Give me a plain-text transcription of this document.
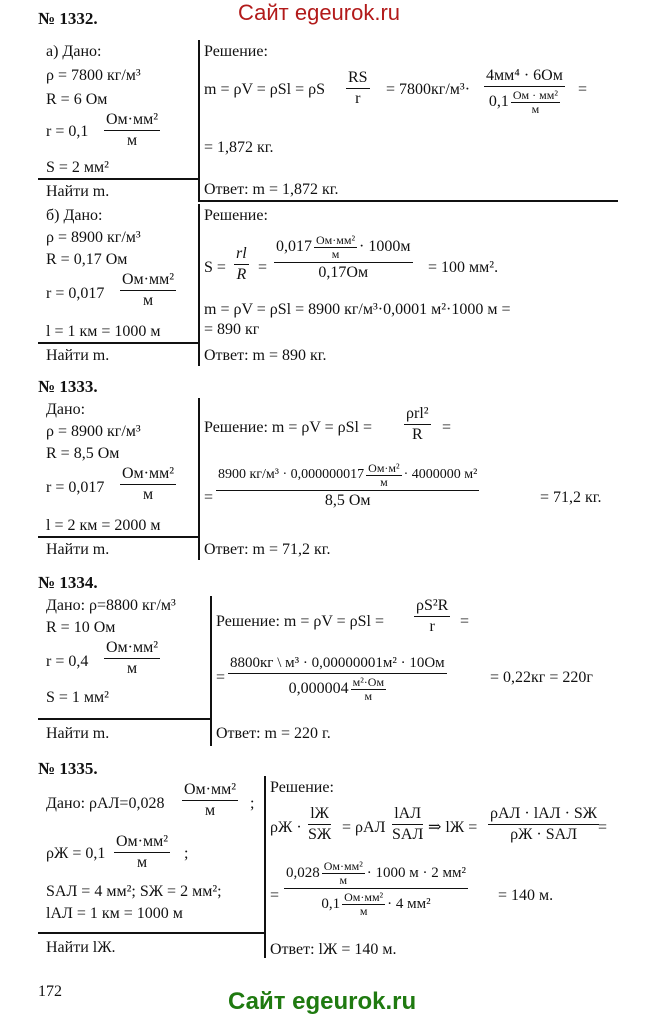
№ 1332.	Сайт egeurok.ru
а) Дано:
ρ = 7800 кг/м³
R = 6 Ом
r = 0,1
Ом·мм²
м
S = 2 мм²
Найти m.
Решение:
m = ρV = ρSl = ρS $\frac{RS}{r} = 7800кг/м^3\cdot$
4мм⁴ · 6Ом
0,1 Ом · мм²
м
=
= 1,872 кг.
Ответ: m = 1,872 кг.
б) Дано:
ρ = 8900 кг/м³
R = 0,17 Ом
r = 0,017
Ом·мм²
м
l = 1 км = 1000 м
Найти m.
Решение:
$S = \frac{rl}{R}$ =
0,017 Ом·мм²
м · 1000м
0,17Ом	= 100 мм².
m = ρV = ρSl = 8900 кг/м³·0,0001 м²·1000 м =
= 890 кг
Ответ: m = 890 кг.
№ 1333.
Дано:
ρ = 8900 кг/м³
R = 8,5 Ом
r = 0,017
Ом·мм²
м
l = 2 км = 2000 м
Найти m.
Решение: m = ρV = ρSl =
ρrl²
R =
=
8900 кг/м³ · 0,000000017 Ом·м²
м · 4000000 м²
8,5 Ом	= 71,2 кг.
Ответ: m = 71,2 кг.
№ 1334.
Дано: ρ=8800 кг/м³
R = 10 Ом
r = 0,4
Ом·мм²
м
S = 1 мм²
Найти m.
Решение: $m = \rho V = \rho Sl = \frac{\text{ρS²R}}{r}$ =
=
8800кг \ м³ · 0,00000001м² · 10Ом
0,000004 м²·Ом
м
= 0,22кг = 220г
Ответ: m = 220 г.
№ 1335.
Дано: ρАЛ=0,028
Ом·мм²
м ;
ρЖ = 0,1
Ом·мм²
м
;
SАЛ = 4 мм²; SЖ = 2 мм²;
lАЛ = 1 км = 1000 м
Найти lЖ.
Решение:
ρЖ ·
lЖ
SЖ = ρАЛ
lАЛ
SАЛ ⇒ lЖ =
ρАЛ · lАЛ · SЖ
ρЖ · SАЛ =
=
0,028 Ом·мм²
м · 1000 м · 2 мм²
0,1 Ом·мм²
м · 4 мм²	= 140 м.
Ответ: lЖ = 140 м.
172	Сайт egeurok.ru
